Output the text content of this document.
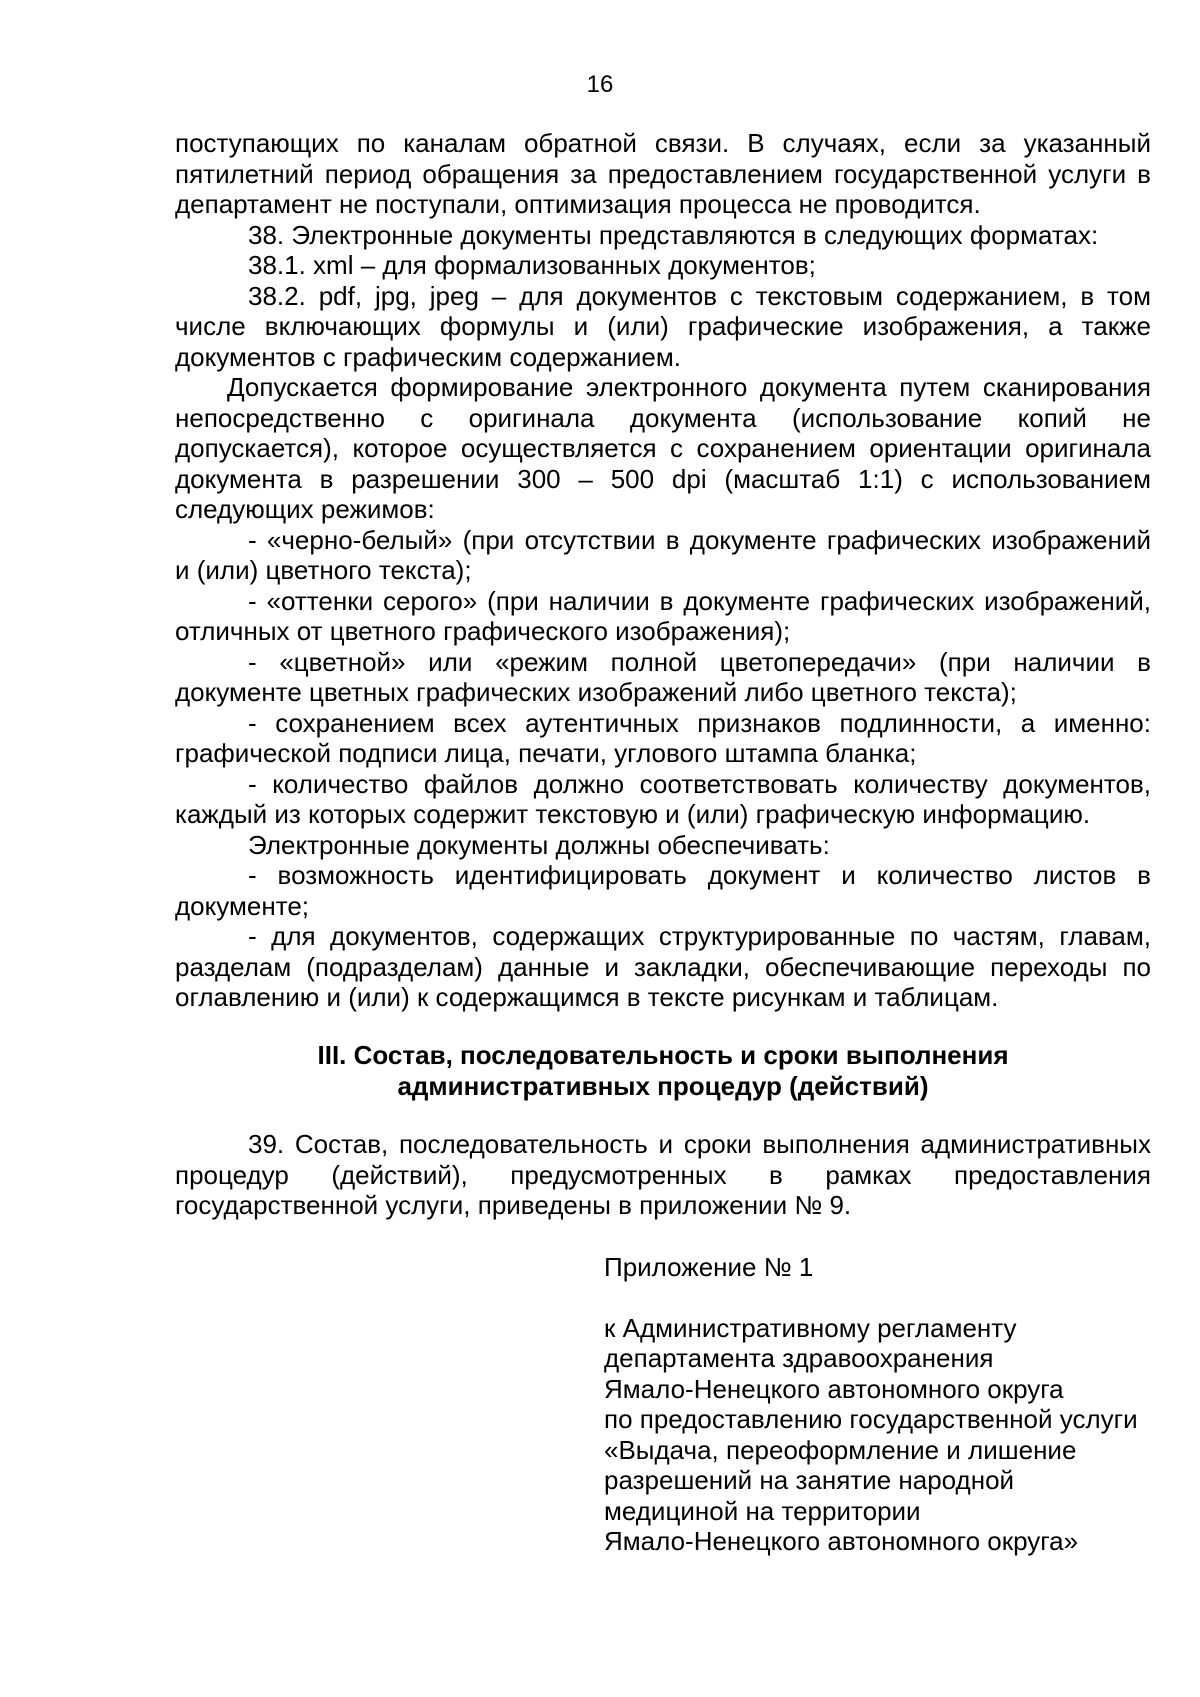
16

поступающих по каналам обратной связи. В случаях, если за указанный пятилетний период обращения за предоставлением государственной услуги в департамент не поступали, оптимизация процесса не проводится.

38. Электронные документы представляются в следующих форматах:

38.1. xml – для формализованных документов;

38.2. pdf, jpg, jpeg – для документов с текстовым содержанием, в том числе включающих формулы и (или) графические изображения, а также документов с графическим содержанием.

Допускается формирование электронного документа путем сканирования непосредственно с оригинала документа (использование копий не допускается), которое осуществляется с сохранением ориентации оригинала документа в разрешении 300 – 500 dpi (масштаб 1:1) с использованием следующих режимов:

- «черно-белый» (при отсутствии в документе графических изображений и (или) цветного текста);

- «оттенки серого» (при наличии в документе графических изображений, отличных от цветного графического изображения);

- «цветной» или «режим полной цветопередачи» (при наличии в документе цветных графических изображений либо цветного текста);

- сохранением всех аутентичных признаков подлинности, а именно: графической подписи лица, печати, углового штампа бланка;

- количество файлов должно соответствовать количеству документов, каждый из которых содержит текстовую и (или) графическую информацию.

Электронные документы должны обеспечивать:

- возможность идентифицировать документ и количество листов в документе;

- для документов, содержащих структурированные по частям, главам, разделам (подразделам) данные и закладки, обеспечивающие переходы по оглавлению и (или) к содержащимся в тексте рисункам и таблицам.

III. Состав, последовательность и сроки выполнения
административных процедур (действий)

39. Состав, последовательность и сроки выполнения административных процедур (действий), предусмотренных в рамках предоставления государственной услуги, приведены в приложении № 9.

Приложение № 1

к Административному регламенту
департамента здравоохранения
Ямало-Ненецкого автономного округа
по предоставлению государственной услуги
«Выдача, переоформление и лишение
разрешений на занятие народной
медициной на территории
Ямало-Ненецкого автономного округа»
